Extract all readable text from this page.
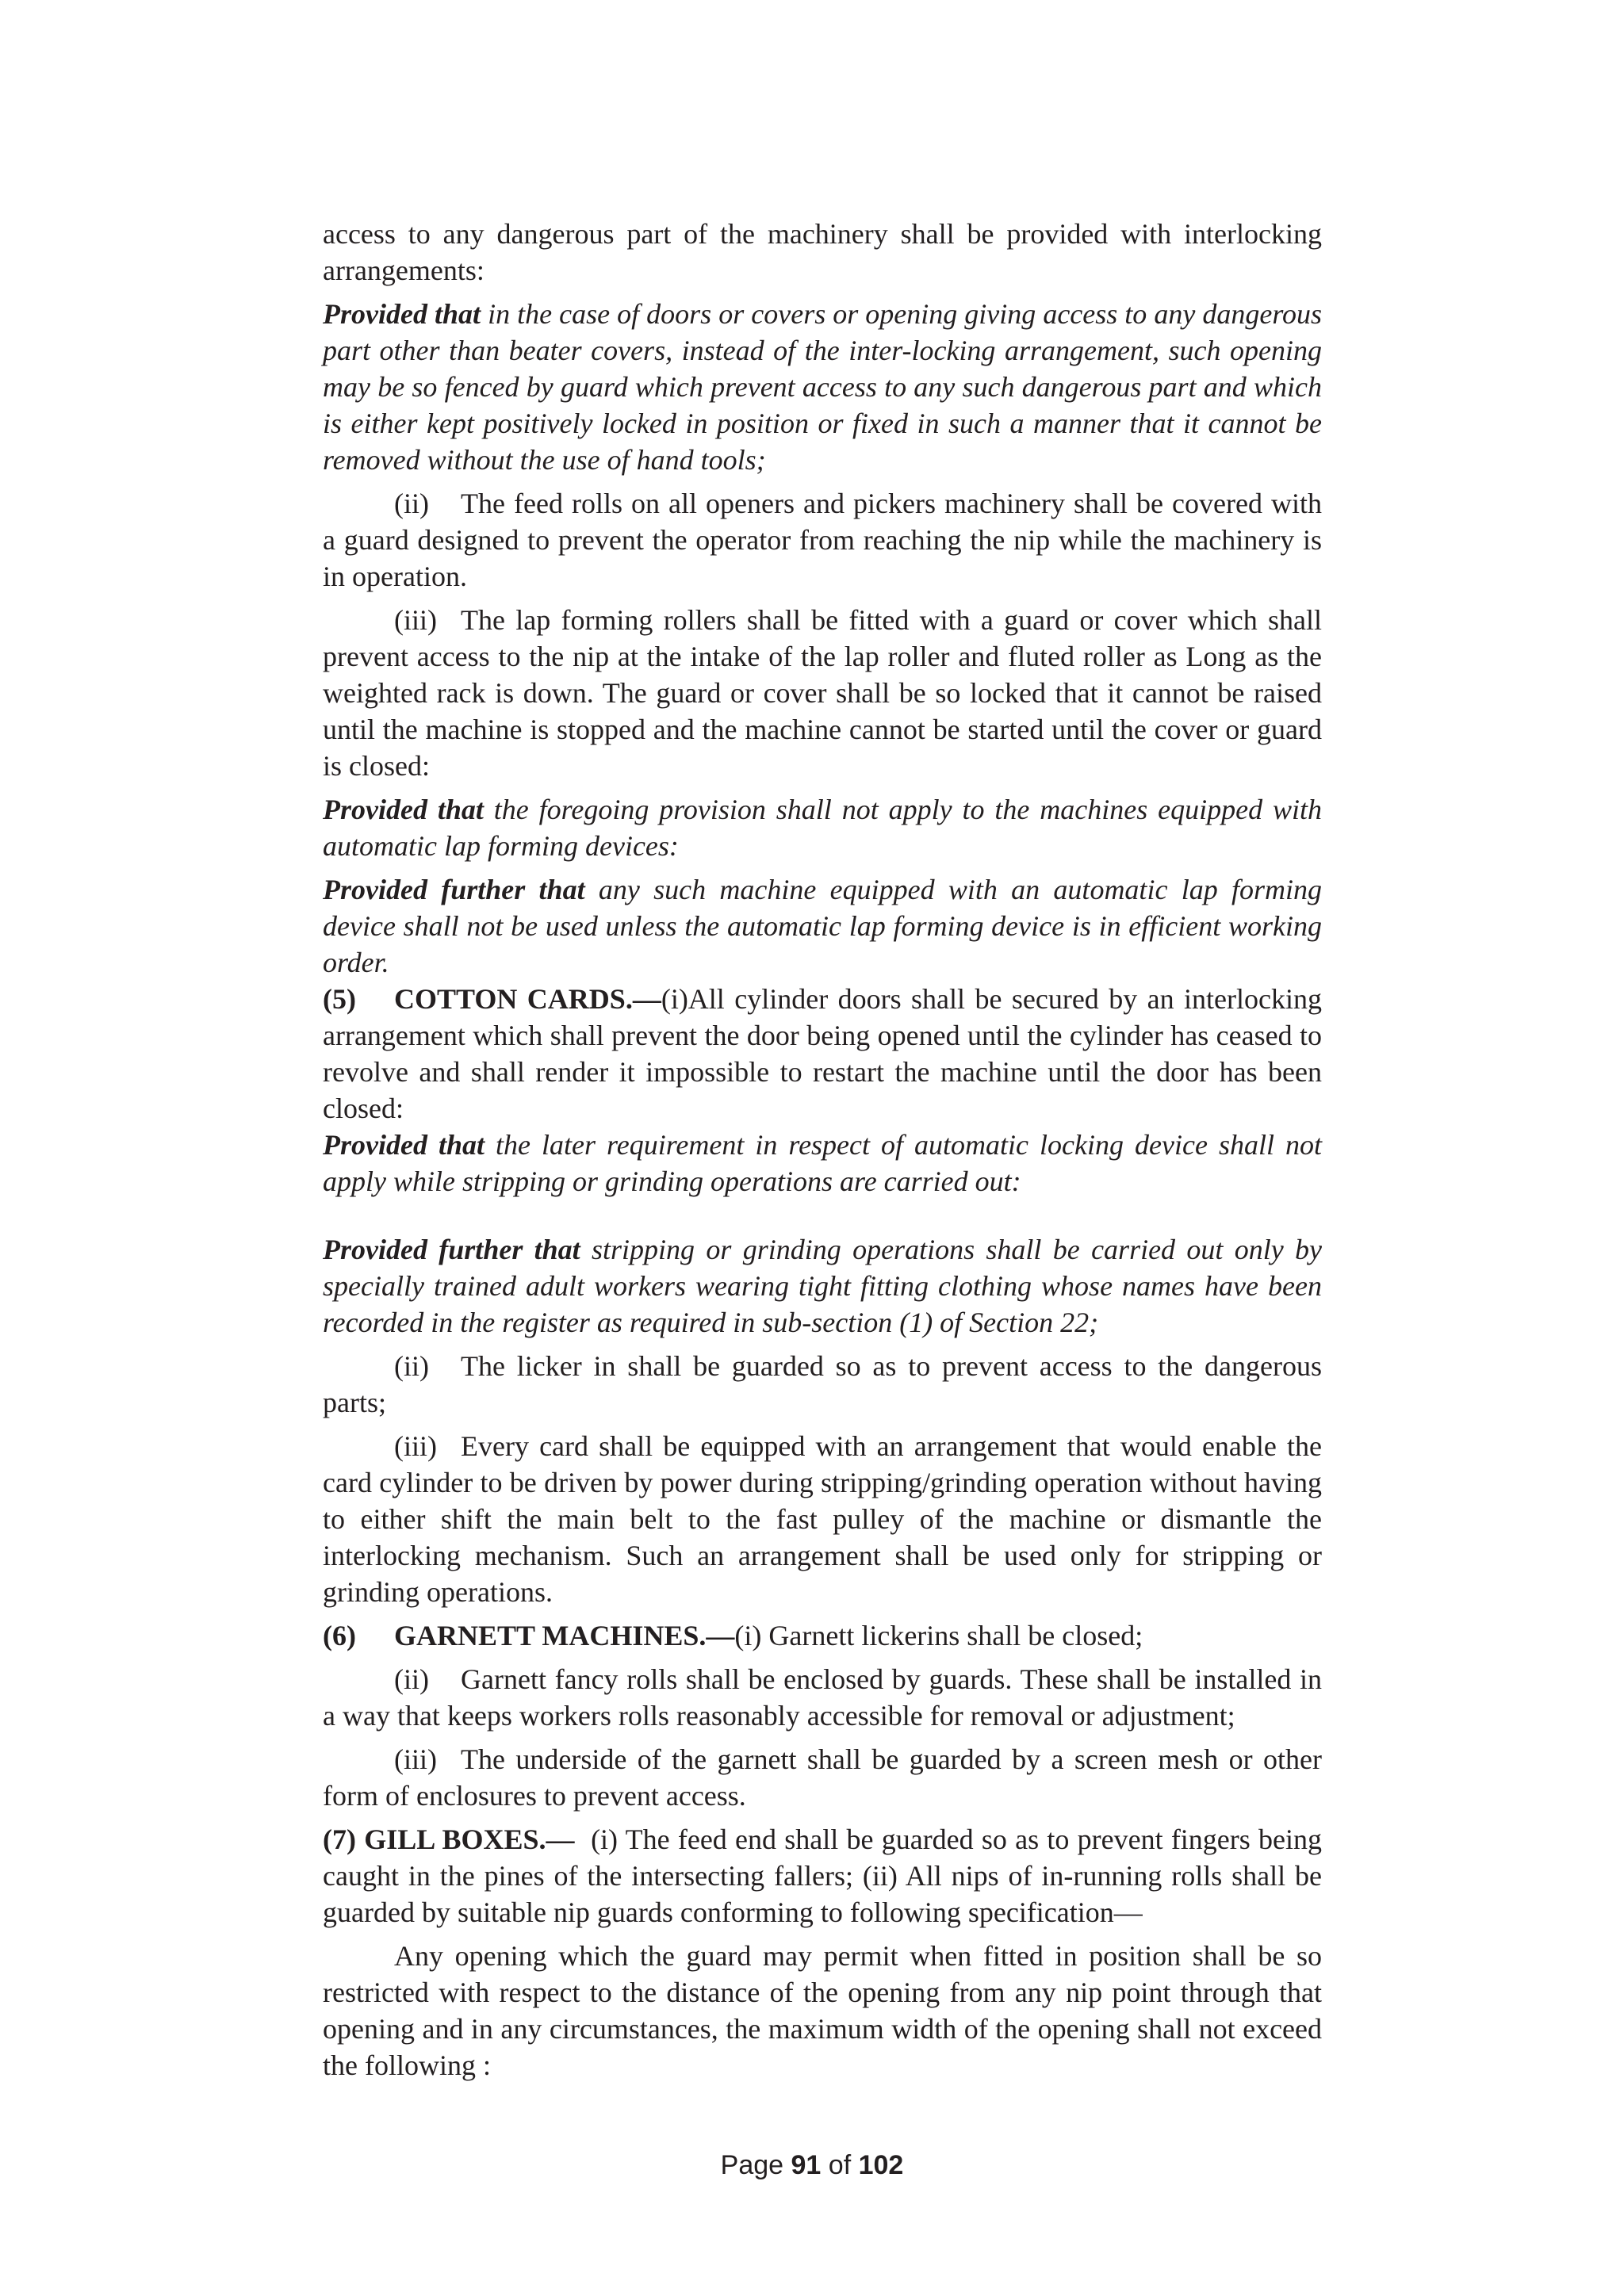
access to any dangerous part of the machinery shall be provided with interlocking arrangements:

Provided that in the case of doors or covers or opening giving access to any dangerous part other than beater covers, instead of the inter-locking arrangement, such opening may be so fenced by guard which prevent access to any such dangerous part and which is either kept positively locked in position or fixed in such a manner that it cannot be removed without the use of hand tools;

(ii) The feed rolls on all openers and pickers machinery shall be covered with a guard designed to prevent the operator from reaching the nip while the machinery is in operation.

(iii) The lap forming rollers shall be fitted with a guard or cover which shall prevent access to the nip at the intake of the lap roller and fluted roller as Long as the weighted rack is down. The guard or cover shall be so locked that it cannot be raised until the machine is stopped and the machine cannot be started until the cover or guard is closed:

Provided that the foregoing provision shall not apply to the machines equipped with automatic lap forming devices:

Provided further that any such machine equipped with an automatic lap forming device shall not be used unless the automatic lap forming device is in efficient working order.

(5) COTTON CARDS.—(i)All cylinder doors shall be secured by an interlocking arrangement which shall prevent the door being opened until the cylinder has ceased to revolve and shall render it impossible to restart the machine until the door has been closed:

Provided that the later requirement in respect of automatic locking device shall not apply while stripping or grinding operations are carried out:

Provided further that stripping or grinding operations shall be carried out only by specially trained adult workers wearing tight fitting clothing whose names have been recorded in the register as required in sub-section (1) of Section 22;

(ii) The licker in shall be guarded so as to prevent access to the dangerous parts;

(iii) Every card shall be equipped with an arrangement that would enable the card cylinder to be driven by power during stripping/grinding operation without having to either shift the main belt to the fast pulley of the machine or dismantle the interlocking mechanism. Such an arrangement shall be used only for stripping or grinding operations.

(6) GARNETT MACHINES.—(i) Garnett lickerins shall be closed;

(ii) Garnett fancy rolls shall be enclosed by guards. These shall be installed in a way that keeps workers rolls reasonably accessible for removal or adjustment;

(iii) The underside of the garnett shall be guarded by a screen mesh or other form of enclosures to prevent access.

(7) GILL BOXES.— (i) The feed end shall be guarded so as to prevent fingers being caught in the pines of the intersecting fallers; (ii) All nips of in-running rolls shall be guarded by suitable nip guards conforming to following specification—

Any opening which the guard may permit when fitted in position shall be so restricted with respect to the distance of the opening from any nip point through that opening and in any circumstances, the maximum width of the opening shall not exceed the following :

Page 91 of 102
